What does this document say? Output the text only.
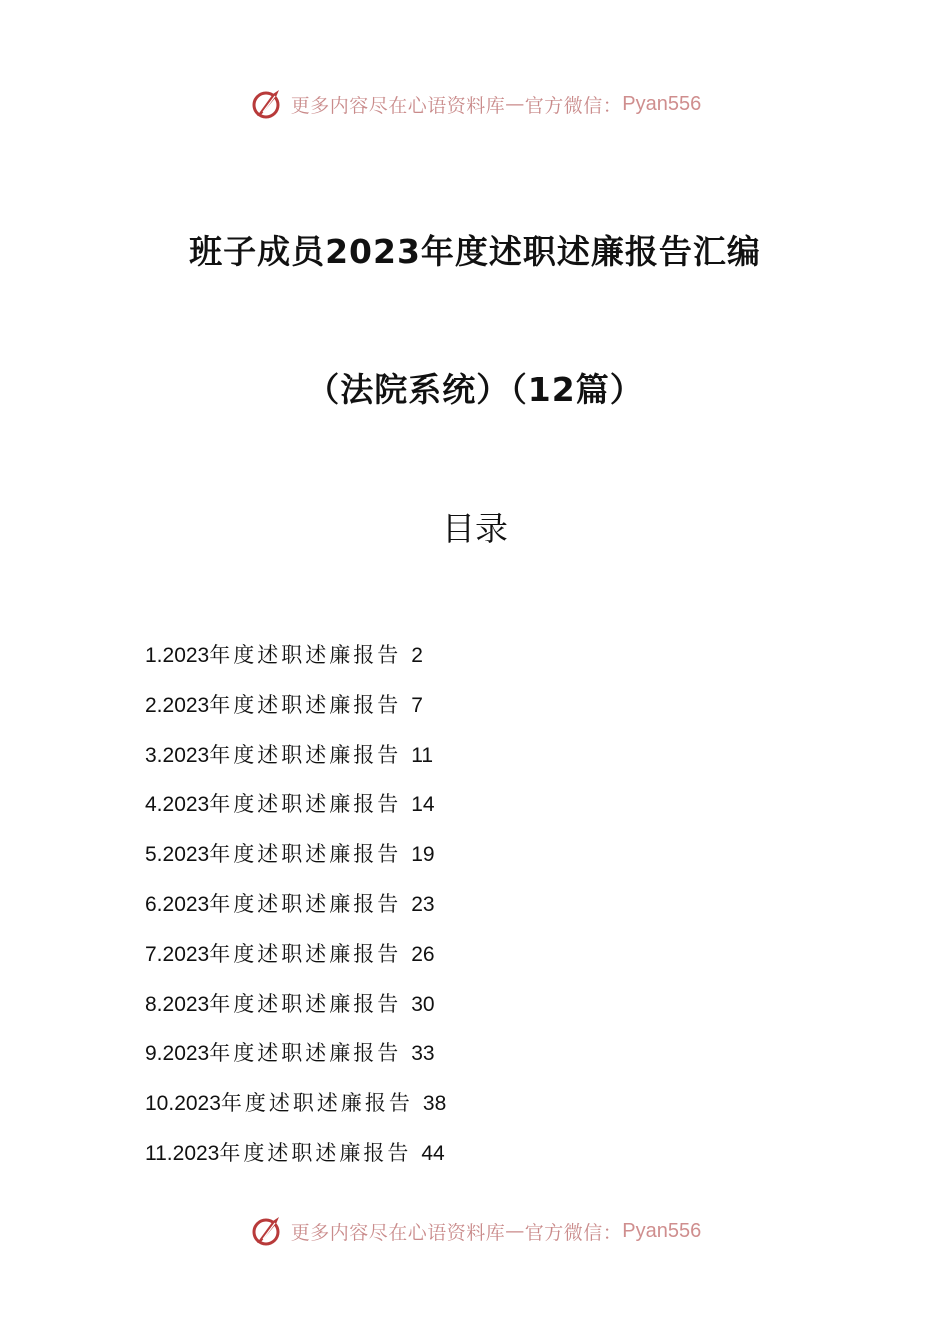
更多内容尽在心语资料库 — 官方微信： Pyan556
班子成员2023年度述职述廉报告汇编
（法院系统）（12篇）
目录
1.2023年度述职述廉报告 2
2.2023年度述职述廉报告 7
3.2023年度述职述廉报告 11
4.2023年度述职述廉报告 14
5.2023年度述职述廉报告 19
6.2023年度述职述廉报告 23
7.2023年度述职述廉报告 26
8.2023年度述职述廉报告 30
9.2023年度述职述廉报告 33
10.2023年度述职述廉报告 38
11.2023年度述职述廉报告 44
更多内容尽在心语资料库 — 官方微信： Pyan556
